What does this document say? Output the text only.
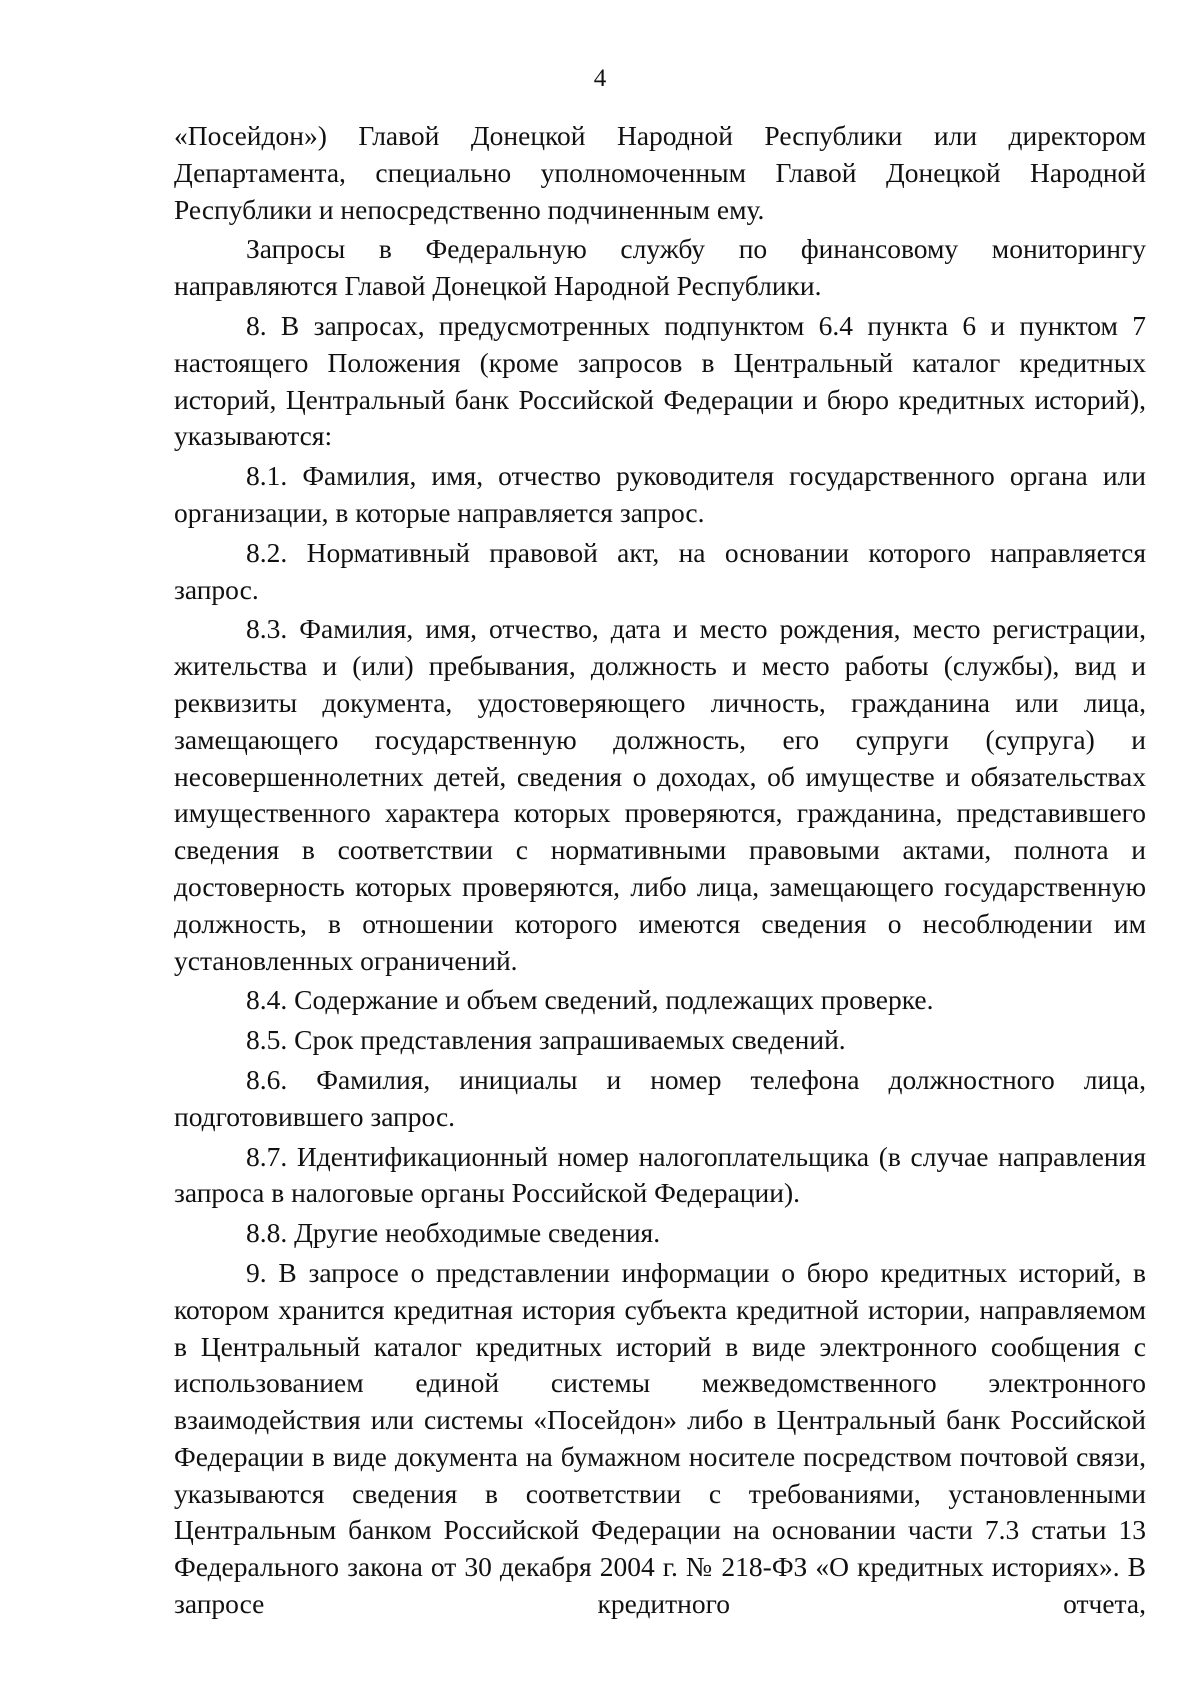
4

«Посейдон») Главой Донецкой Народной Республики или директором Департамента, специально уполномоченным Главой Донецкой Народной Республики и непосредственно подчиненным ему.

Запросы в Федеральную службу по финансовому мониторингу направляются Главой Донецкой Народной Республики.

8. В запросах, предусмотренных подпунктом 6.4 пункта 6 и пунктом 7 настоящего Положения (кроме запросов в Центральный каталог кредитных историй, Центральный банк Российской Федерации и бюро кредитных историй), указываются:

8.1. Фамилия, имя, отчество руководителя государственного органа или организации, в которые направляется запрос.

8.2. Нормативный правовой акт, на основании которого направляется запрос.

8.3. Фамилия, имя, отчество, дата и место рождения, место регистрации, жительства и (или) пребывания, должность и место работы (службы), вид и реквизиты документа, удостоверяющего личность, гражданина или лица, замещающего государственную должность, его супруги (супруга) и несовершеннолетних детей, сведения о доходах, об имуществе и обязательствах имущественного характера которых проверяются, гражданина, представившего сведения в соответствии с нормативными правовыми актами, полнота и достоверность которых проверяются, либо лица, замещающего государственную должность, в отношении которого имеются сведения о несоблюдении им установленных ограничений.

8.4. Содержание и объем сведений, подлежащих проверке.

8.5. Срок представления запрашиваемых сведений.

8.6. Фамилия, инициалы и номер телефона должностного лица, подготовившего запрос.

8.7. Идентификационный номер налогоплательщика (в случае направления запроса в налоговые органы Российской Федерации).

8.8. Другие необходимые сведения.

9. В запросе о представлении информации о бюро кредитных историй, в котором хранится кредитная история субъекта кредитной истории, направляемом в Центральный каталог кредитных историй в виде электронного сообщения с использованием единой системы межведомственного электронного взаимодействия или системы «Посейдон» либо в Центральный банк Российской Федерации в виде документа на бумажном носителе посредством почтовой связи, указываются сведения в соответствии с требованиями, установленными Центральным банком Российской Федерации на основании части 7.3 статьи 13 Федерального закона от 30 декабря 2004 г. № 218-ФЗ «О кредитных историях». В запросе кредитного отчета,
